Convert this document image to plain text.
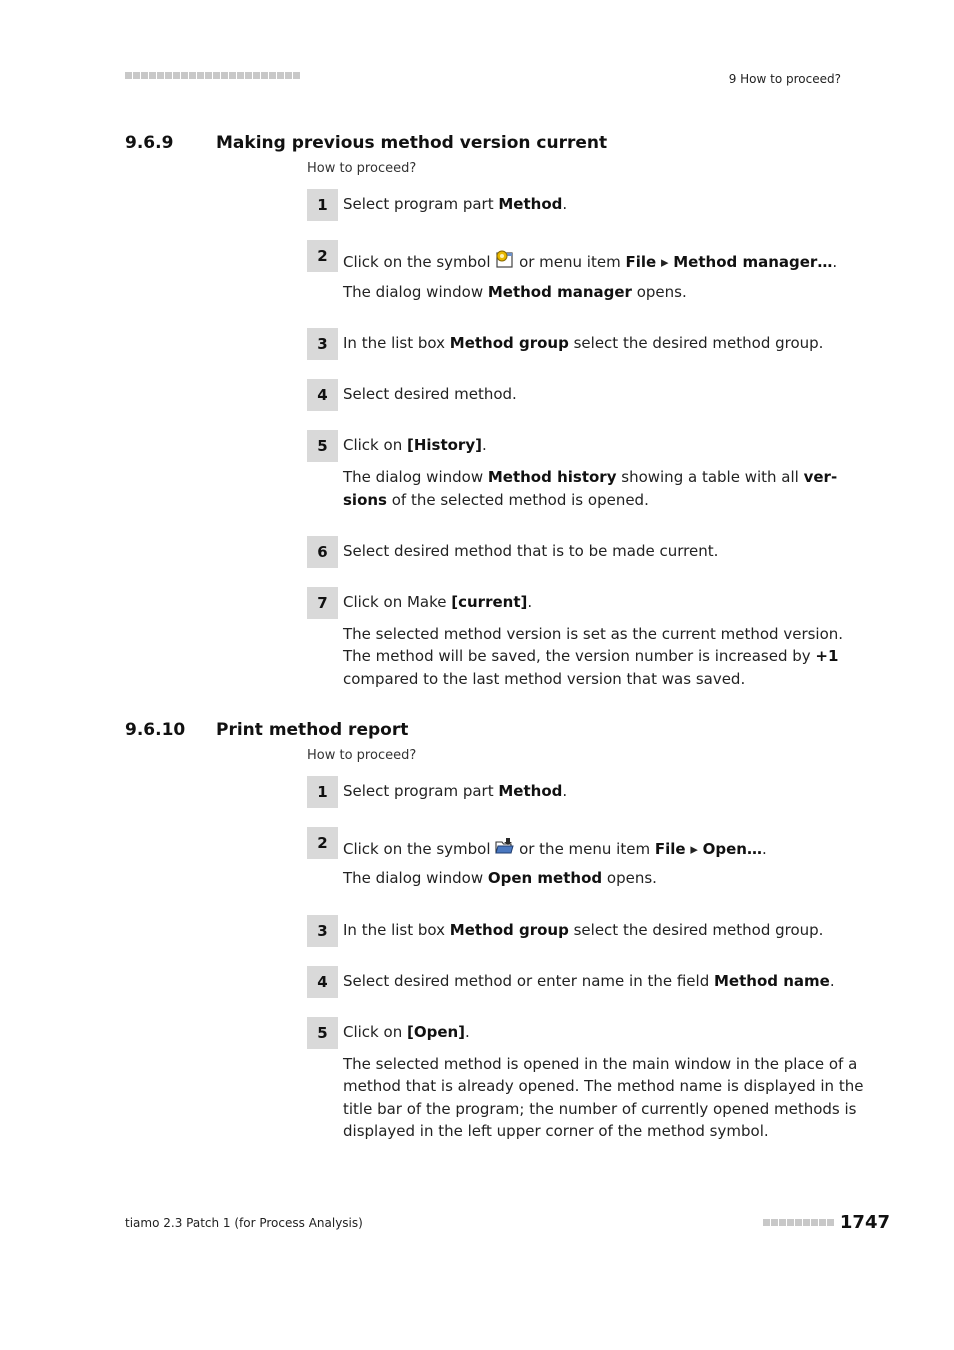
9 How to proceed?
9.6.9	Making previous method version current
How to proceed?
1	Select program part Method.
2	Click on the symbol  or menu item File ▸ Method manager….
The dialog window Method manager opens.
3	In the list box Method group select the desired method group.
4	Select desired method.
5	Click on [History].
The dialog window Method history showing a table with all ver-
sions of the selected method is opened.
6	Select desired method that is to be made current.
7	Click on Make [current].
The selected method version is set as the current method version.
The method will be saved, the version number is increased by +1
compared to the last method version that was saved.
9.6.10 Print method report
How to proceed?
1	Select program part Method.
2	Click on the symbol  or the menu item File ▸ Open….
The dialog window Open method opens.
3	In the list box Method group select the desired method group.
4	Select desired method or enter name in the field Method name.
5	Click on [Open].
The selected method is opened in the main window in the place of a
method that is already opened. The method name is displayed in the
title bar of the program; the number of currently opened methods is
displayed in the left upper corner of the method symbol.
tiamo 2.3 Patch 1 (for Process Analysis)	1747
